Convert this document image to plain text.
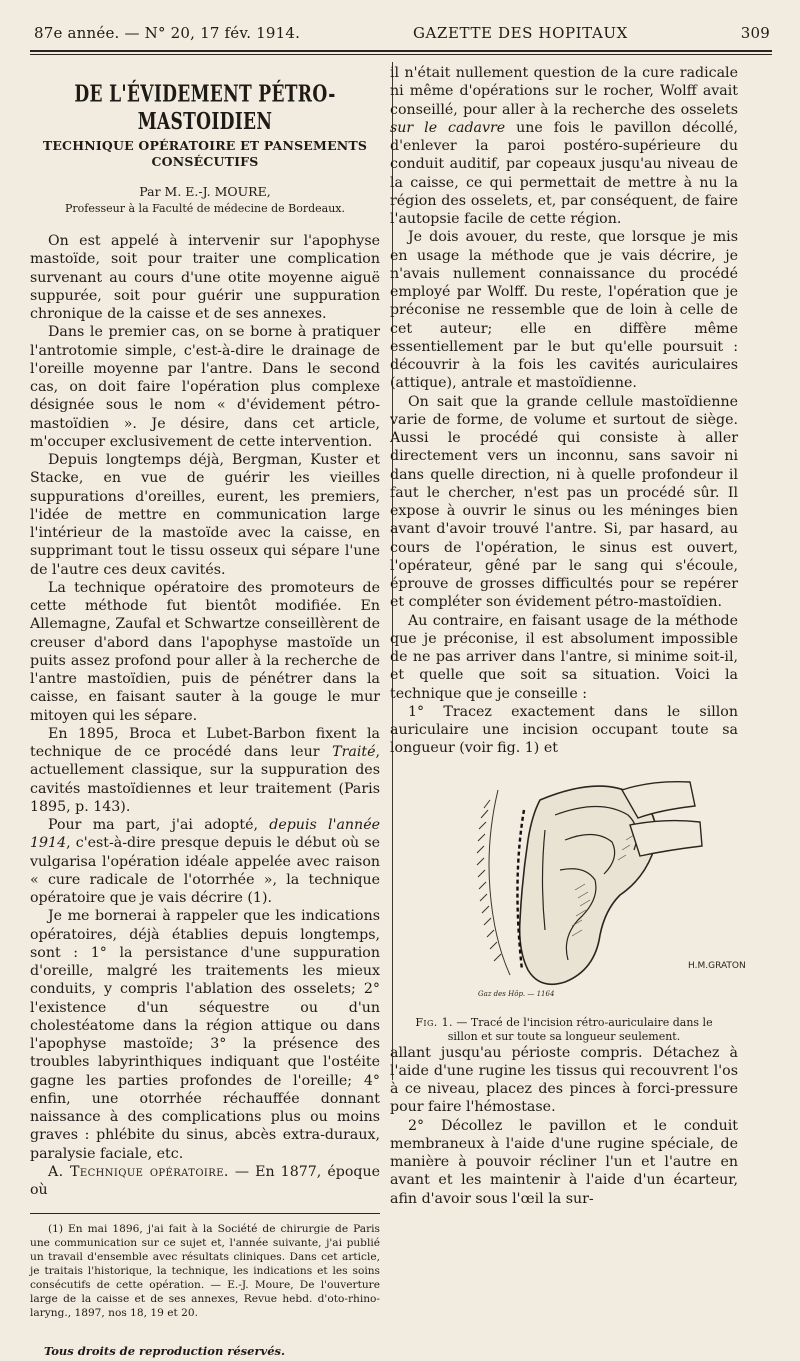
87e année. — N° 20, 17 fév. 1914.	GAZETTE DES HOPITAUX	309
DE L'ÉVIDEMENT PÉTRO-MASTOIDIEN
TECHNIQUE OPÉRATOIRE ET PANSEMENTS CONSÉCUTIFS
Par M. E.-J. MOURE,
Professeur à la Faculté de médecine de Bordeaux.

On est appelé à intervenir sur l'apophyse mastoïde, soit pour traiter une complication survenant au cours d'une otite moyenne aiguë suppurée, soit pour guérir une suppuration chronique de la caisse et de ses annexes.

Dans le premier cas, on se borne à pratiquer l'antrotomie simple, c'est-à-dire le drainage de l'oreille moyenne par l'antre. Dans le second cas, on doit faire l'opération plus complexe désignée sous le nom « d'évidement pétro-mastoïdien ». Je désire, dans cet article, m'occuper exclusivement de cette intervention.

Depuis longtemps déjà, Bergman, Kuster et Stacke, en vue de guérir les vieilles suppurations d'oreilles, eurent, les premiers, l'idée de mettre en communication large l'intérieur de la mastoïde avec la caisse, en supprimant tout le tissu osseux qui sépare l'une de l'autre ces deux cavités.

La technique opératoire des promoteurs de cette méthode fut bientôt modifiée. En Allemagne, Zaufal et Schwartze conseillèrent de creuser d'abord dans l'apophyse mastoïde un puits assez profond pour aller à la recherche de l'antre mastoïdien, puis de pénétrer dans la caisse, en faisant sauter à la gouge le mur mitoyen qui les sépare.

En 1895, Broca et Lubet-Barbon fixent la technique de ce procédé dans leur Traité, actuellement classique, sur la suppuration des cavités mastoïdiennes et leur traitement (Paris 1895, p. 143).

Pour ma part, j'ai adopté, depuis l'année 1914, c'est-à-dire presque depuis le début où se vulgarisa l'opération idéale appelée avec raison « cure radicale de l'otorrhée », la technique opératoire que je vais décrire (1).

Je me bornerai à rappeler que les indications opératoires, déjà établies depuis longtemps, sont : 1° la persistance d'une suppuration d'oreille, malgré les traitements les mieux conduits, y compris l'ablation des osselets; 2° l'existence d'un séquestre ou d'un cholestéatome dans la région attique ou dans l'apophyse mastoïde; 3° la présence des troubles labyrinthiques indiquant que l'ostéite gagne les parties profondes de l'oreille; 4° enfin, une otorrhée réchauffée donnant naissance à des complications plus ou moins graves : phlébite du sinus, abcès extra-duraux, paralysie faciale, etc.

A. Technique opératoire. — En 1877, époque où

(1) En mai 1896, j'ai fait à la Société de chirurgie de Paris une communication sur ce sujet et, l'année suivante, j'ai publié un travail d'ensemble avec résultats cliniques. Dans cet article, je traitais l'historique, la technique, les indications et les soins consécutifs de cette opération. — E.-J. Moure, De l'ouverture large de la caisse et de ses annexes, Revue hebd. d'oto-rhino-laryng., 1897, nos 18, 19 et 20.

Tous droits de reproduction réservés.

il n'était nullement question de la cure radicale ni même d'opérations sur le rocher, Wolff avait conseillé, pour aller à la recherche des osselets sur le cadavre une fois le pavillon décollé, d'enlever la paroi postéro-supérieure du conduit auditif, par copeaux jusqu'au niveau de la caisse, ce qui permettait de mettre à nu la région des osselets, et, par conséquent, de faire l'autopsie facile de cette région.

Je dois avouer, du reste, que lorsque je mis en usage la méthode que je vais décrire, je n'avais nullement connaissance du procédé employé par Wolff. Du reste, l'opération que je préconise ne ressemble que de loin à celle de cet auteur; elle en diffère même essentiellement par le but qu'elle poursuit : découvrir à la fois les cavités auriculaires (attique), antrale et mastoïdienne.

On sait que la grande cellule mastoïdienne varie de forme, de volume et surtout de siège. Aussi le procédé qui consiste à aller directement vers un inconnu, sans savoir ni dans quelle direction, ni à quelle profondeur il faut le chercher, n'est pas un procédé sûr. Il expose à ouvrir le sinus ou les méninges bien avant d'avoir trouvé l'antre. Si, par hasard, au cours de l'opération, le sinus est ouvert, l'opérateur, gêné par le sang qui s'écoule, éprouve de grosses difficultés pour se repérer et compléter son évidement pétro-mastoïdien.

Au contraire, en faisant usage de la méthode que je préconise, il est absolument impossible de ne pas arriver dans l'antre, si minime soit-il, et quelle que soit sa situation. Voici la technique que je conseille :

1° Tracez exactement dans le sillon auriculaire une incision occupant toute sa longueur (voir fig. 1) et

H.M.GRATON
Gaz des Hôp. — 1164
Fig. 1. — Tracé de l'incision rétro-auriculaire dans le sillon et sur toute sa longueur seulement.

allant jusqu'au périoste compris. Détachez à l'aide d'une rugine les tissus qui recouvrent l'os à ce niveau, placez des pinces à forci-pressure pour faire l'hémostase.

2° Décollez le pavillon et le conduit membraneux à l'aide d'une rugine spéciale, de manière à pouvoir récliner l'un et l'autre en avant et les maintenir à l'aide d'un écarteur, afin d'avoir sous l'œil la sur-
